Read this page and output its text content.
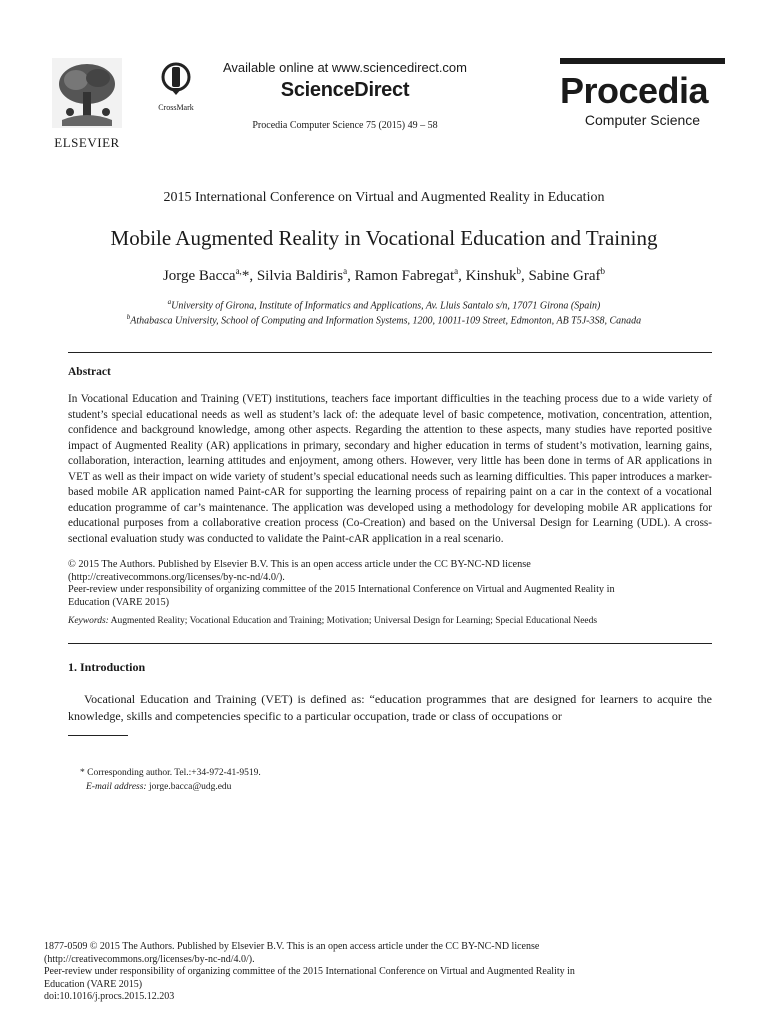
ELSEVIER
CrossMark
Available online at www.sciencedirect.com
ScienceDirect
Procedia Computer Science 75 (2015) 49 – 58
Procedia
Computer Science
2015 International Conference on Virtual and Augmented Reality in Education
Mobile Augmented Reality in Vocational Education and Training
Jorge Bacca$^{a,}$*, Silvia Baldiris$^a$, Ramon Fabregat$^a$, Kinshuk$^b$, Sabine Graf$^b$
$^a$University of Girona, Institute of Informatics and Applications, Av. Lluis Santalo s/n, 17071 Girona (Spain)
$^b$Athabasca University, School of Computing and Information Systems, 1200, 10011-109 Street, Edmonton, AB T5J-3S8, Canada
Abstract
In Vocational Education and Training (VET) institutions, teachers face important difficulties in the teaching process due to a wide variety of student’s special educational needs as well as student’s lack of: the adequate level of basic competence, motivation, concentration, attention, confidence and background knowledge, among other aspects. Regarding the attention to these aspects, many studies have reported positive impact of Augmented Reality (AR) applications in primary, secondary and higher education in terms of student’s motivation, learning gains, collaboration, interaction, learning attitudes and enjoyment, among others. However, very little has been done in terms of AR applications in VET as well as their impact on wide variety of student’s special educational needs such as learning difficulties. This paper introduces a marker-based mobile AR application named Paint-cAR for supporting the learning process of repairing paint on a car in the context of a vocational education programme of car’s maintenance. The application was developed using a methodology for developing mobile AR applications for educational purposes from a collaborative creation process (Co-Creation) and based on the Universal Design for Learning (UDL). A cross-sectional evaluation study was conducted to validate the Paint-cAR application in a real scenario.
© 2015 The Authors. Published by Elsevier B.V. This is an open access article under the CC BY-NC-ND license
(http://creativecommons.org/licenses/by-nc-nd/4.0/).
Peer-review under responsibility of organizing committee of the 2015 International Conference on Virtual and Augmented Reality in
Education (VARE 2015)
Keywords: Augmented Reality; Vocational Education and Training; Motivation; Universal Design for Learning; Special Educational Needs
1. Introduction
Vocational Education and Training (VET) is defined as: “education programmes that are designed for learners to acquire the knowledge, skills and competencies specific to a particular occupation, trade or class of occupations or
* Corresponding author. Tel.:+34-972-41-9519.
E-mail address: jorge.bacca@udg.edu
1877-0509 © 2015 The Authors. Published by Elsevier B.V. This is an open access article under the CC BY-NC-ND license
(http://creativecommons.org/licenses/by-nc-nd/4.0/).
Peer-review under responsibility of organizing committee of the 2015 International Conference on Virtual and Augmented Reality in
Education (VARE 2015)
doi:10.1016/j.procs.2015.12.203
